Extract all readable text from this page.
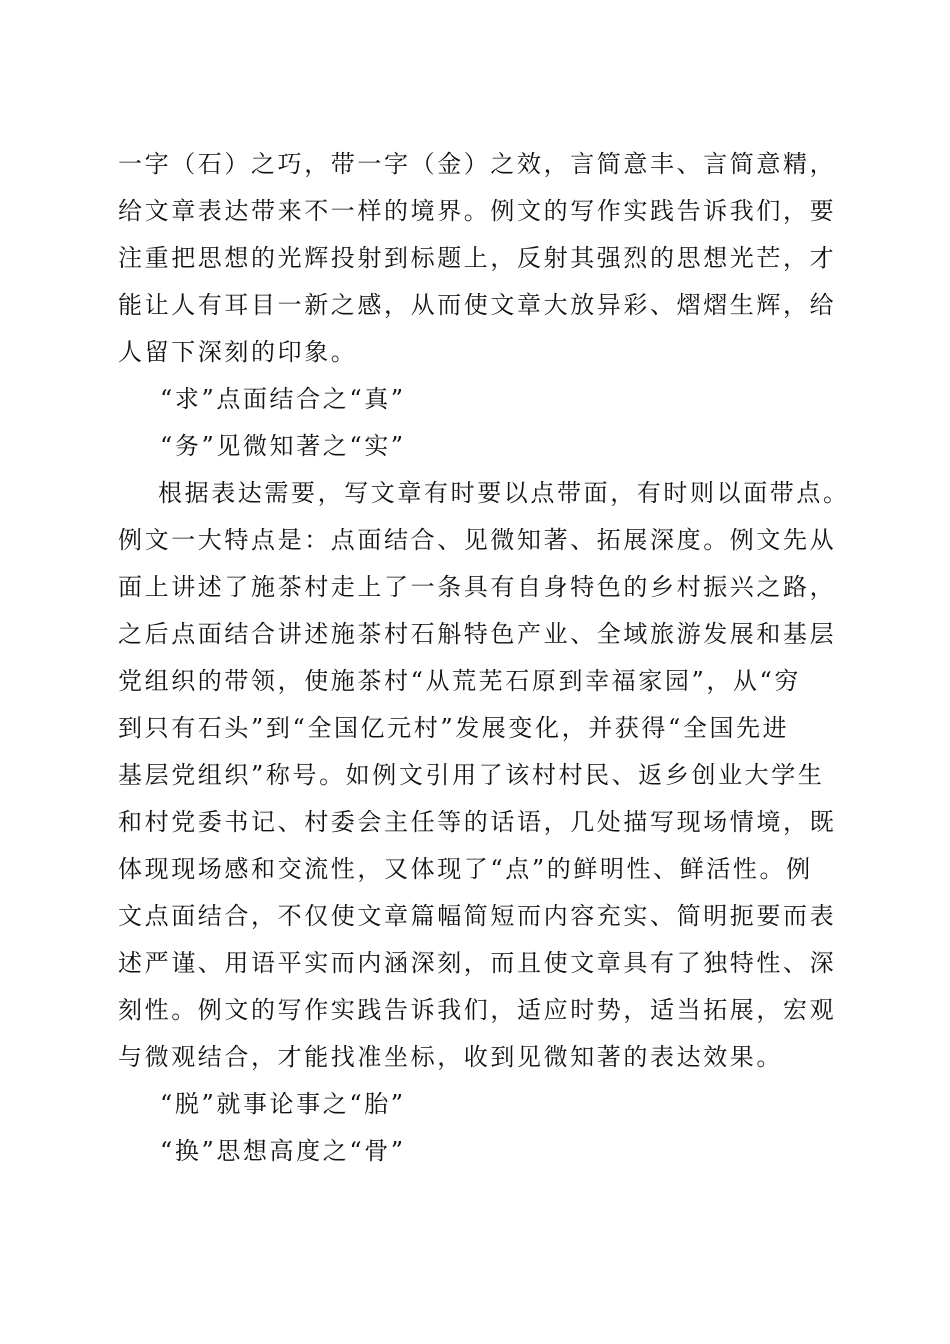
一字（石）之巧，带一字（金）之效，言简意丰、言简意精，
给文章表达带来不一样的境界。例文的写作实践告诉我们，要
注重把思想的光辉投射到标题上，反射其强烈的思想光芒，才
能让人有耳目一新之感，从而使文章大放异彩、熠熠生辉，给
人留下深刻的印象。
“求”点面结合之“真”
“务”见微知著之“实”
根据表达需要，写文章有时要以点带面，有时则以面带点。
例文一大特点是：点面结合、见微知著、拓展深度。例文先从
面上讲述了施茶村走上了一条具有自身特色的乡村振兴之路，
之后点面结合讲述施茶村石斛特色产业、全域旅游发展和基层
党组织的带领，使施茶村“从荒芜石原到幸福家园”，从“穷
到只有石头”到“全国亿元村”发展变化，并获得“全国先进
基层党组织”称号。如例文引用了该村村民、返乡创业大学生
和村党委书记、村委会主任等的话语，几处描写现场情境，既
体现现场感和交流性，又体现了“点”的鲜明性、鲜活性。例
文点面结合，不仅使文章篇幅简短而内容充实、简明扼要而表
述严谨、用语平实而内涵深刻，而且使文章具有了独特性、深
刻性。例文的写作实践告诉我们，适应时势，适当拓展，宏观
与微观结合，才能找准坐标，收到见微知著的表达效果。
“脱”就事论事之“胎”
“换”思想高度之“骨”
